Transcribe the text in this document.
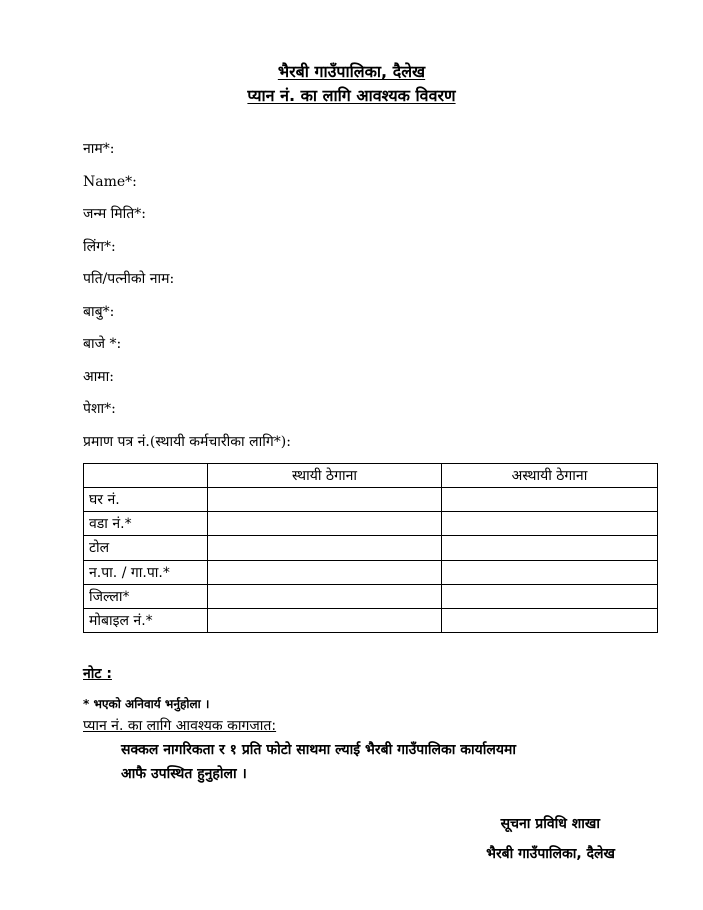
भैरबी गाउँपालिका, दैलेख
प्यान नं. का लागि आवश्यक विवरण
नाम*:
Name*:
जन्म मिति*:
लिंग*:
पति/पत्नीको नाम:
बाबु*:
बाजे *:
आमा:
पेशा*:
प्रमाण पत्र नं.(स्थायी कर्मचारीका लागि*):
	स्थायी ठेगाना	अस्थायी ठेगाना
घर नं.		
वडा नं.*		
टोल		
न.पा. / गा.पा.*		
जिल्ला*		
मोबाइल नं.*		
नोट :
* भएको अनिवार्य भर्नुहोला ।
प्यान नं. का लागि आवश्यक कागजात:
सक्कल नागरिकता र १ प्रति फोटो साथमा ल्याई भैरबी गाउँपालिका कार्यालयमा
आफै उपस्थित हुनुहोला ।
सूचना प्रविधि शाखा
भैरबी गाउँपालिका, दैलेख
